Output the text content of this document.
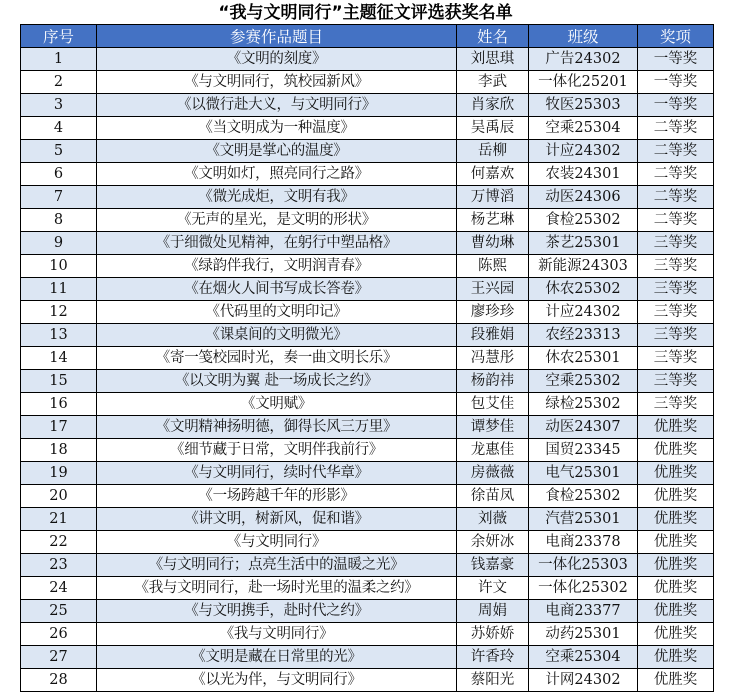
“我与文明同行”主题征文评选获奖名单
序号	参赛作品题目	姓名	班级	奖项
1	《文明的刻度》	刘思琪	广告24302	一等奖
2	《与文明同行，筑校园新风》	李武	一体化25201	一等奖
3	《以微行赴大义，与文明同行》	肖家欣	牧医25303	一等奖
4	《当文明成为一种温度》	吴禹辰	空乘25304	二等奖
5	《文明是掌心的温度》	岳柳	计应24302	二等奖
6	《文明如灯，照亮同行之路》	何嘉欢	农装24301	二等奖
7	《微光成炬，文明有我》	万博滔	动医24306	二等奖
8	《无声的星光，是文明的形状》	杨艺琳	食检25302	二等奖
9	《于细微处见精神，在躬行中塑品格》	曹幼琳	茶艺25301	三等奖
10	《绿韵伴我行，文明润青春》	陈熙	新能源24303	三等奖
11	《在烟火人间书写成长答卷》	王兴园	休农25302	三等奖
12	《代码里的文明印记》	廖珍珍	计应24302	三等奖
13	《课桌间的文明微光》	段雅娟	农经23313	三等奖
14	《寄一笺校园时光，奏一曲文明长乐》	冯慧彤	休农25301	三等奖
15	《以文明为翼 赴一场成长之约》	杨韵祎	空乘25302	三等奖
16	《文明赋》	包艾佳	绿检25302	三等奖
17	《文明精神扬明德，御得长风三万里》	谭梦佳	动医24307	优胜奖
18	《细节藏于日常，文明伴我前行》	龙惠佳	国贸23345	优胜奖
19	《与文明同行，续时代华章》	房薇薇	电气25301	优胜奖
20	《一场跨越千年的形影》	徐苗凤	食检25302	优胜奖
21	《讲文明，树新风，促和谐》	刘薇	汽营25301	优胜奖
22	《与文明同行》	余妍冰	电商23378	优胜奖
23	《与文明同行；点亮生活中的温暖之光》	钱嘉豪	一体化25303	优胜奖
24	《我与文明同行，赴一场时光里的温柔之约》	许文	一体化25302	优胜奖
25	《与文明携手，赴时代之约》	周娟	电商23377	优胜奖
26	《我与文明同行》	苏娇娇	动药25301	优胜奖
27	《文明是藏在日常里的光》	许香玲	空乘25304	优胜奖
28	《以光为伴，与文明同行》	蔡阳光	计网24302	优胜奖
